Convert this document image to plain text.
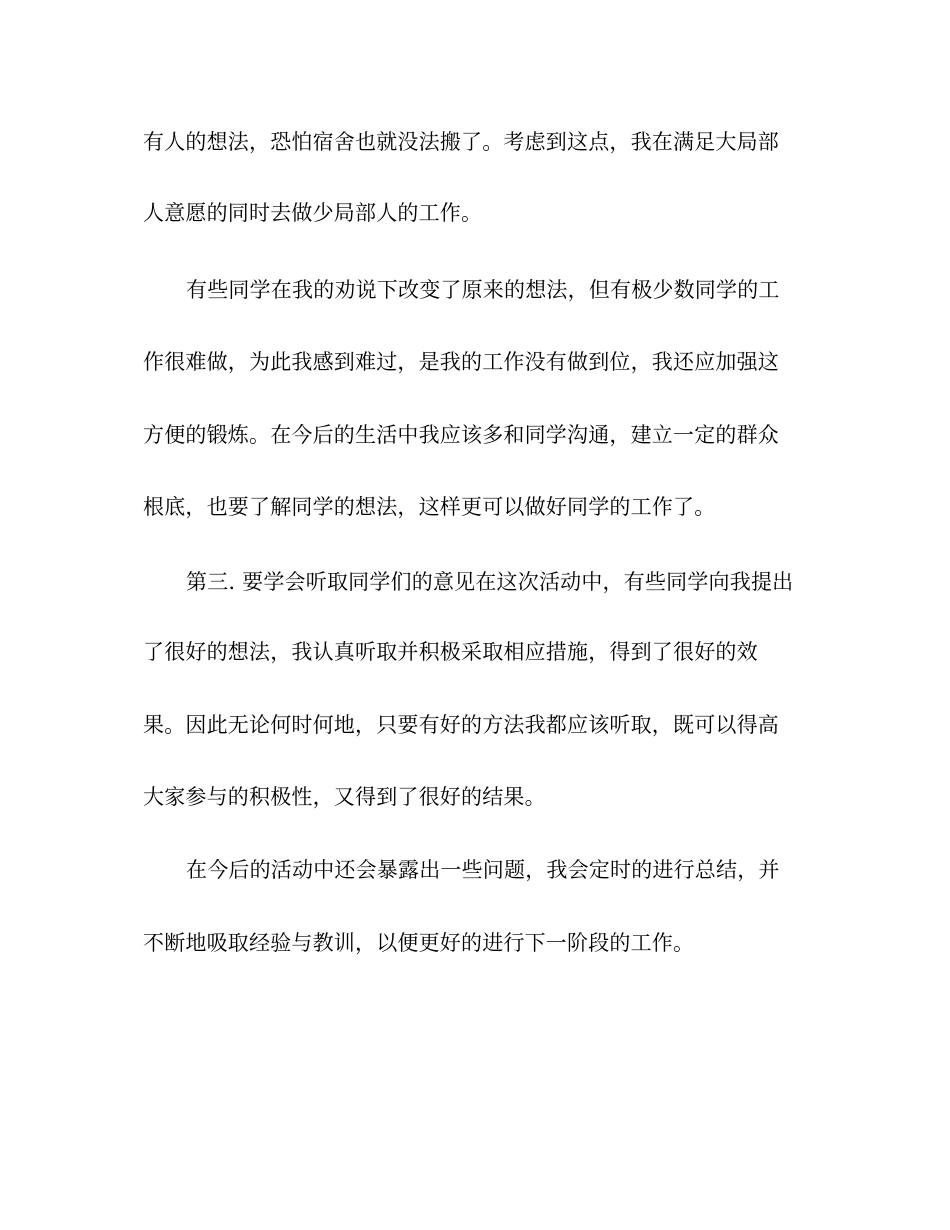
有人的想法，恐怕宿舍也就没法搬了。考虑到这点，我在满足大局部
人意愿的同时去做少局部人的工作。
有些同学在我的劝说下改变了原来的想法，但有极少数同学的工
作很难做，为此我感到难过，是我的工作没有做到位，我还应加强这
方便的锻炼。在今后的生活中我应该多和同学沟通，建立一定的群众
根底，也要了解同学的想法，这样更可以做好同学的工作了。
第三. 要学会听取同学们的意见在这次活动中，有些同学向我提出
了很好的想法，我认真听取并积极采取相应措施，得到了很好的效
果。因此无论何时何地，只要有好的方法我都应该听取，既可以得高
大家参与的积极性，又得到了很好的结果。
在今后的活动中还会暴露出一些问题，我会定时的进行总结，并
不断地吸取经验与教训，以便更好的进行下一阶段的工作。
